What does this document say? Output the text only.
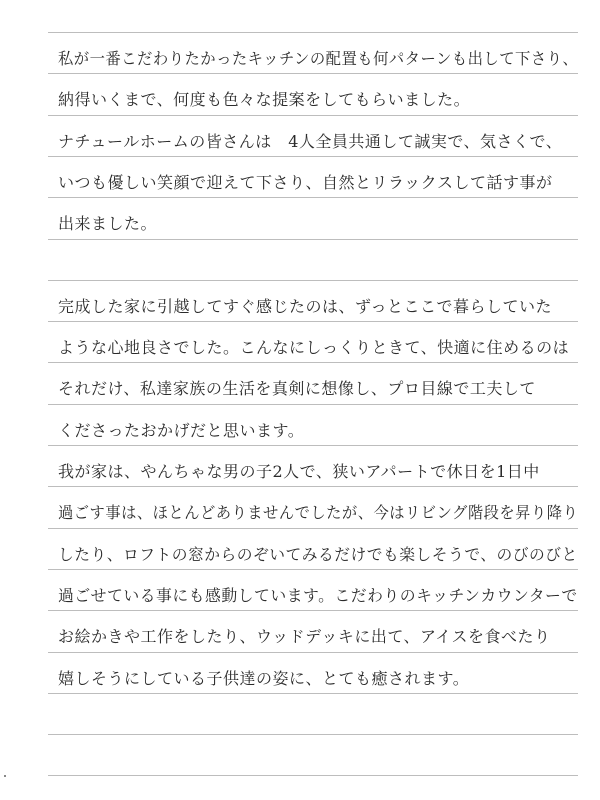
私が一番こだわりたかったキッチンの配置も何パターンも出して下さり、
納得いくまで、何度も色々な提案をしてもらいました。
ナチュールホームの皆さんは　4人全員共通して誠実で、気さくで、
いつも優しい笑顔で迎えて下さり、自然とリラックスして話す事が
出来ました。
完成した家に引越してすぐ感じたのは、ずっとここで暮らしていた
ような心地良さでした。こんなにしっくりときて、快適に住めるのは
それだけ、私達家族の生活を真剣に想像し、プロ目線で工夫して
くださったおかげだと思います。
我が家は、やんちゃな男の子2人で、狭いアパートで休日を1日中
過ごす事は、ほとんどありませんでしたが、今はリビング階段を昇り降り
したり、ロフトの窓からのぞいてみるだけでも楽しそうで、のびのびと
過ごせている事にも感動しています。こだわりのキッチンカウンターで
お絵かきや工作をしたり、ウッドデッキに出て、アイスを食べたり
嬉しそうにしている子供達の姿に、とても癒されます。
